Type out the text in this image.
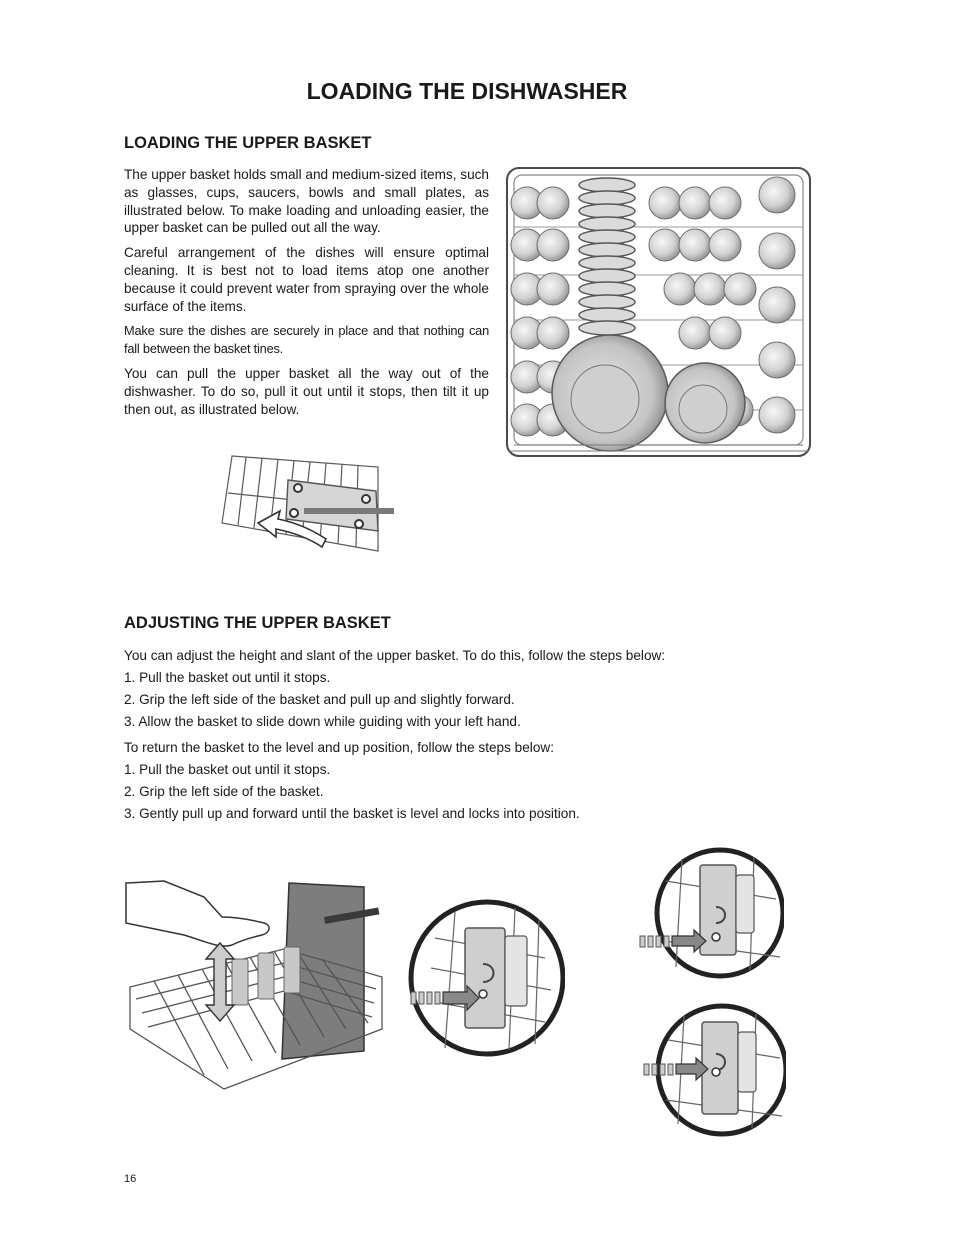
LOADING THE DISHWASHER
LOADING THE UPPER BASKET

The upper basket holds small and medium-sized items, such as glasses, cups, saucers, bowls and small plates, as illustrated below. To make loading and unloading easier, the upper basket can be pulled out all the way.

Careful arrangement of the dishes will ensure optimal cleaning. It is best not to load items atop one another because it could prevent water from spraying over the whole surface of the items.

Make sure the dishes are securely in place and that nothing can fall between the basket tines.

You can pull the upper basket all the way out of the dishwasher. To do so, pull it out until it stops, then tilt it up then out, as illustrated below.

ADJUSTING THE UPPER BASKET

You can adjust the height and slant of the upper basket. To do this, follow the steps below:

1. Pull the basket out until it stops.

2. Grip the left side of the basket and pull up and slightly forward.

3. Allow the basket to slide down while guiding with your left hand.

To return the basket to the level and up position, follow the steps below:

1. Pull the basket out until it stops.

2. Grip the left side of the basket.

3. Gently pull up and forward until the basket is level and locks into position.

16
